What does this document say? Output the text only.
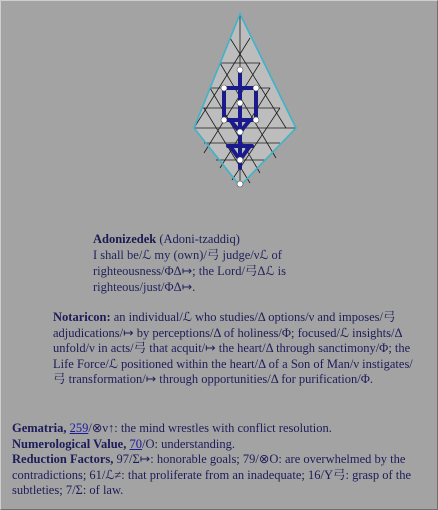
Adonizedek (Adoni-tzaddiq)
I shall be/ℒ my (own)/⼸ judge/νℒ of
righteousness/ΦΔ↦; the Lord/⼸Δℒ is
righteous/just/ΦΔ↦.
Notaricon: an individual/ℒ who studies/Δ options/ν and imposes/⼸ adjudications/↦ by perceptions/Δ of holiness/Φ; focused/ℒ insights/Δ unfold/ν in acts/⼸ that acquit/↦ the heart/Δ through sanctimony/Φ; the Life Force/ℒ positioned within the heart/Δ of a Son of Man/ν instigates/⼸ transformation/↦ through opportunities/Δ for purification/Φ.
Gematria, 259/⊗ν↑: the mind wrestles with conflict resolution.
Numerological Value, 70/O: understanding.
Reduction Factors, 97/Σ↦: honorable goals; 79/⊗O: are overwhelmed by the contradictions; 61/ℒ≠: that proliferate from an inadequate; 16/Υ⼸: grasp of the subtleties; 7/Σ: of law.
